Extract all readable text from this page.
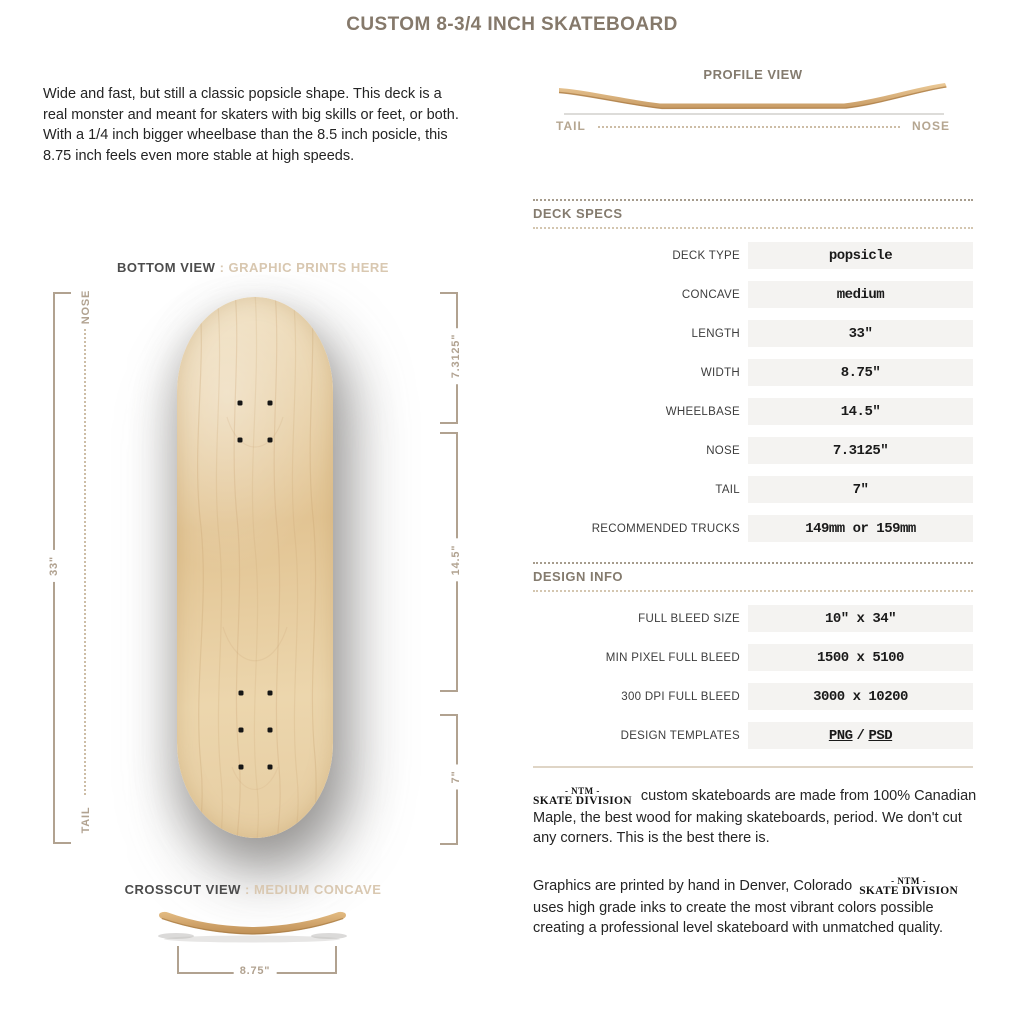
CUSTOM 8-3/4 INCH SKATEBOARD

Wide and fast, but still a classic popsicle shape. This deck is a real monster and meant for skaters with big skills or feet, or both. With a 1/4 inch bigger wheelbase than the 8.5 inch posicle, this 8.75 inch feels even more stable at high speeds.

BOTTOM VIEW : GRAPHIC PRINTS HERE
33"
NOSE
TAIL
7.3125"
14.5"
7"
CROSSCUT VIEW : MEDIUM CONCAVE
8.75"
PROFILE VIEW
TAIL	NOSE
DECK SPECS
DECK TYPE	popsicle
CONCAVE	medium
LENGTH	33"
WIDTH	8.75"
WHEELBASE	14.5"
NOSE	7.3125"
TAIL	7"
RECOMMENDED TRUCKS	149mm or 159mm
DESIGN INFO
FULL BLEED SIZE	10" x 34"
MIN PIXEL FULL BLEED	1500 x 5100
300 DPI FULL BLEED	3000 x 10200
DESIGN TEMPLATES	PNG / PSD

- NTM -
SKATE DIVISION custom skateboards are made from 100% Canadian Maple, the best wood for making skateboards, period. We don't cut any corners. This is the best there is.

Graphics are printed by hand in Denver, Colorado	- NTM -
SKATE DIVISION
uses high grade inks to create the most vibrant colors possible creating a professional level skateboard with unmatched quality.
